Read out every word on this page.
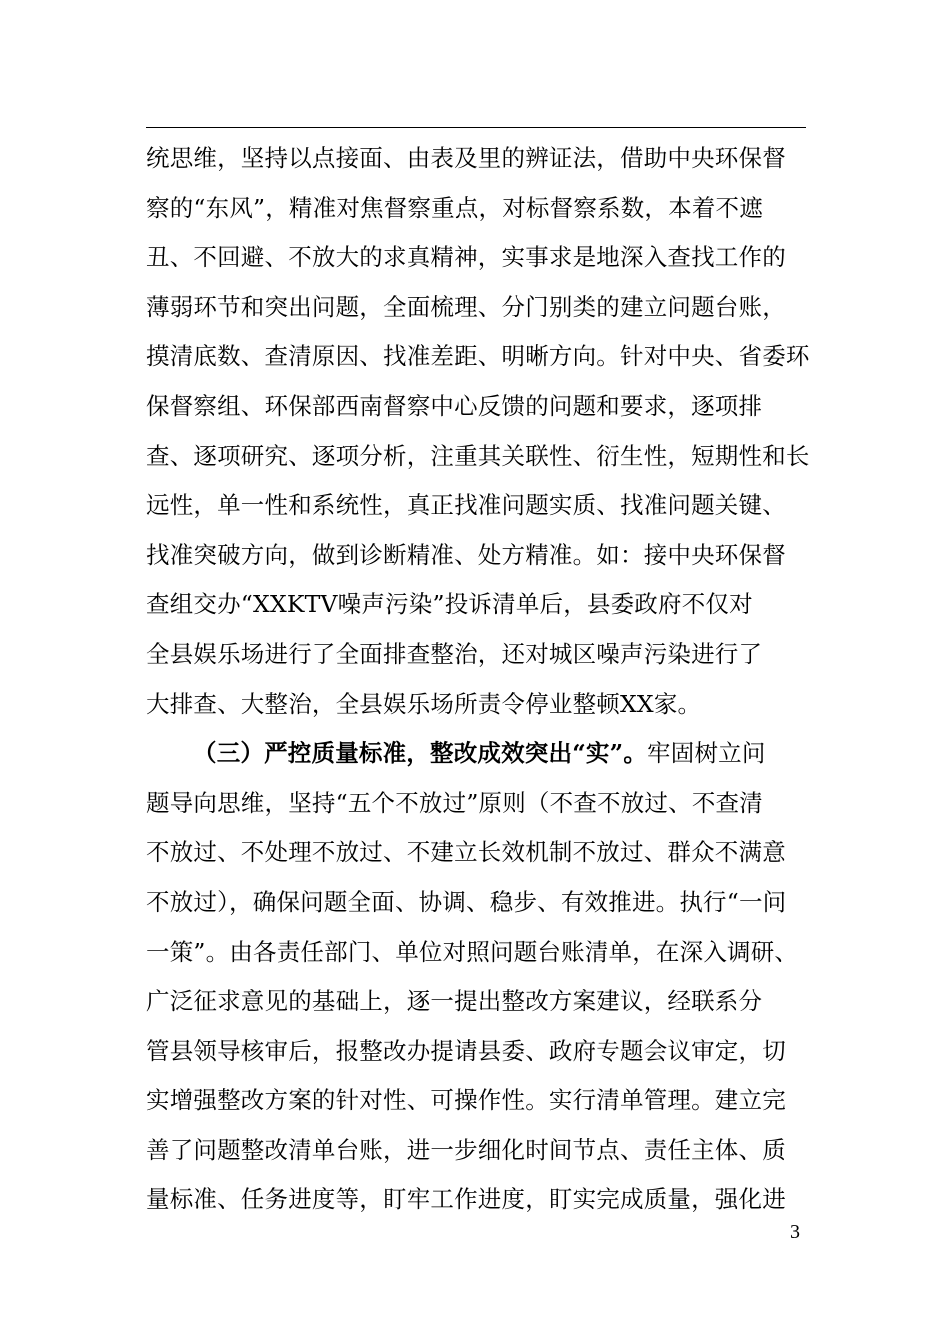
统思维，坚持以点接面、由表及里的辨证法，借助中央环保督
察的“东风”，精准对焦督察重点，对标督察系数，本着不遮
丑、不回避、不放大的求真精神，实事求是地深入查找工作的
薄弱环节和突出问题，全面梳理、分门别类的建立问题台账，
摸清底数、查清原因、找准差距、明晰方向。针对中央、省委环
保督察组、环保部西南督察中心反馈的问题和要求，逐项排
查、逐项研究、逐项分析，注重其关联性、衍生性，短期性和长
远性，单一性和系统性，真正找准问题实质、找准问题关键、
找准突破方向，做到诊断精准、处方精准。如：接中央环保督
查组交办“XXKTV噪声污染”投诉清单后，县委政府不仅对
全县娱乐场进行了全面排查整治，还对城区噪声污染进行了
大排查、大整治，全县娱乐场所责令停业整顿XX家。
（三）严控质量标准，整改成效突出“实”。牢固树立问
题导向思维，坚持“五个不放过”原则（不查不放过、不查清
不放过、不处理不放过、不建立长效机制不放过、群众不满意
不放过），确保问题全面、协调、稳步、有效推进。执行“一问
一策”。由各责任部门、单位对照问题台账清单，在深入调研、
广泛征求意见的基础上，逐一提出整改方案建议，经联系分
管县领导核审后，报整改办提请县委、政府专题会议审定，切
实增强整改方案的针对性、可操作性。实行清单管理。建立完
善了问题整改清单台账，进一步细化时间节点、责任主体、质
量标准、任务进度等，盯牢工作进度，盯实完成质量，强化进
3
